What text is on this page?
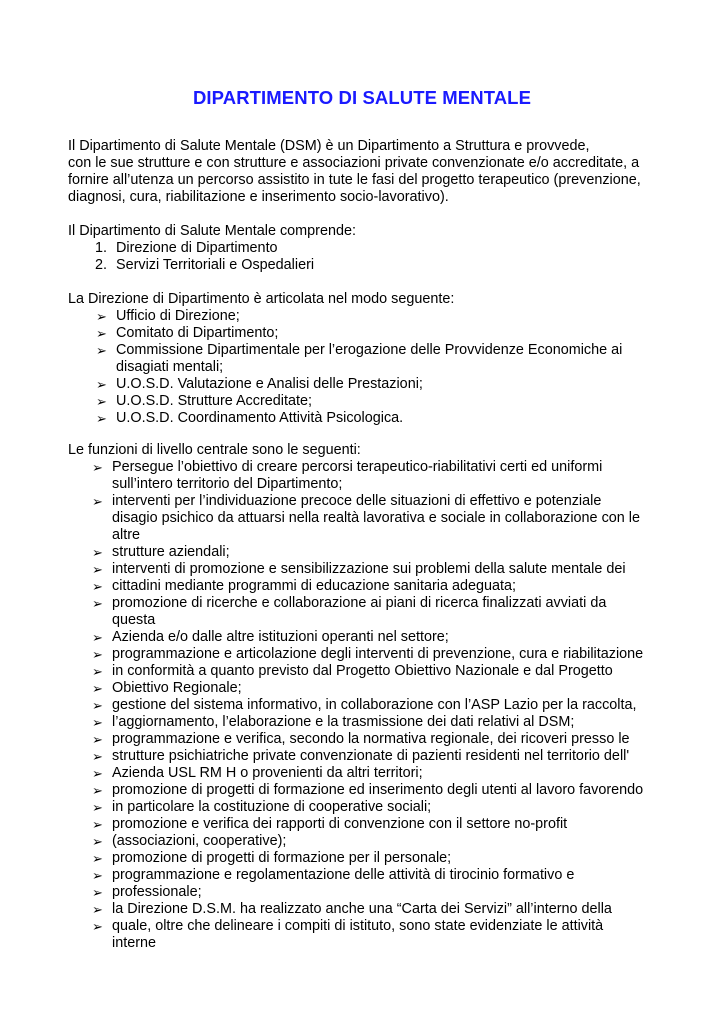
DIPARTIMENTO DI SALUTE MENTALE

Il Dipartimento di Salute Mentale (DSM) è un Dipartimento a Struttura e provvede,

con le sue strutture e con strutture e associazioni private convenzionate e/o accreditate, a

fornire all’utenza un percorso assistito in tute le fasi del progetto terapeutico (prevenzione,

diagnosi, cura, riabilitazione e inserimento socio-lavorativo).

Il Dipartimento di Salute Mentale comprende:

1. Direzione di Dipartimento
2. Servizi Territoriali e Ospedalieri

La Direzione di Dipartimento è articolata nel modo seguente:

➢ Ufficio di Direzione;
➢ Comitato di Dipartimento;
➢ Commissione Dipartimentale per l’erogazione delle Provvidenze Economiche ai
disagiati mentali;
➢ U.O.S.D. Valutazione e Analisi delle Prestazioni;
➢ U.O.S.D. Strutture Accreditate;
➢ U.O.S.D. Coordinamento Attività Psicologica.

Le funzioni di livello centrale sono le seguenti:

➢ Persegue l’obiettivo di creare percorsi terapeutico-riabilitativi certi ed uniformi
sull’intero territorio del Dipartimento;
➢ interventi per l’individuazione precoce delle situazioni di effettivo e potenziale
disagio psichico da attuarsi nella realtà lavorativa e sociale in collaborazione con le
altre
➢ strutture aziendali;
➢ interventi di promozione e sensibilizzazione sui problemi della salute mentale dei
➢ cittadini mediante programmi di educazione sanitaria adeguata;
➢ promozione di ricerche e collaborazione ai piani di ricerca finalizzati avviati da
questa
➢ Azienda e/o dalle altre istituzioni operanti nel settore;
➢ programmazione e articolazione degli interventi di prevenzione, cura e riabilitazione
➢ in conformità a quanto previsto dal Progetto Obiettivo Nazionale e dal Progetto
➢ Obiettivo Regionale;
➢ gestione del sistema informativo, in collaborazione con l’ASP Lazio per la raccolta,
➢ l’aggiornamento, l’elaborazione e la trasmissione dei dati relativi al DSM;
➢ programmazione e verifica, secondo la normativa regionale, dei ricoveri presso le
➢ strutture psichiatriche private convenzionate di pazienti residenti nel territorio dell'
➢ Azienda USL RM H o provenienti da altri territori;
➢ promozione di progetti di formazione ed inserimento degli utenti al lavoro favorendo
➢ in particolare la costituzione di cooperative sociali;
➢ promozione e verifica dei rapporti di convenzione con il settore no-profit
➢ (associazioni, cooperative);
➢ promozione di progetti di formazione per il personale;
➢ programmazione e regolamentazione delle attività di tirocinio formativo e
➢ professionale;
➢ la Direzione D.S.M. ha realizzato anche una “Carta dei Servizi” all’interno della
➢ quale, oltre che delineare i compiti di istituto, sono state evidenziate le attività
interne
